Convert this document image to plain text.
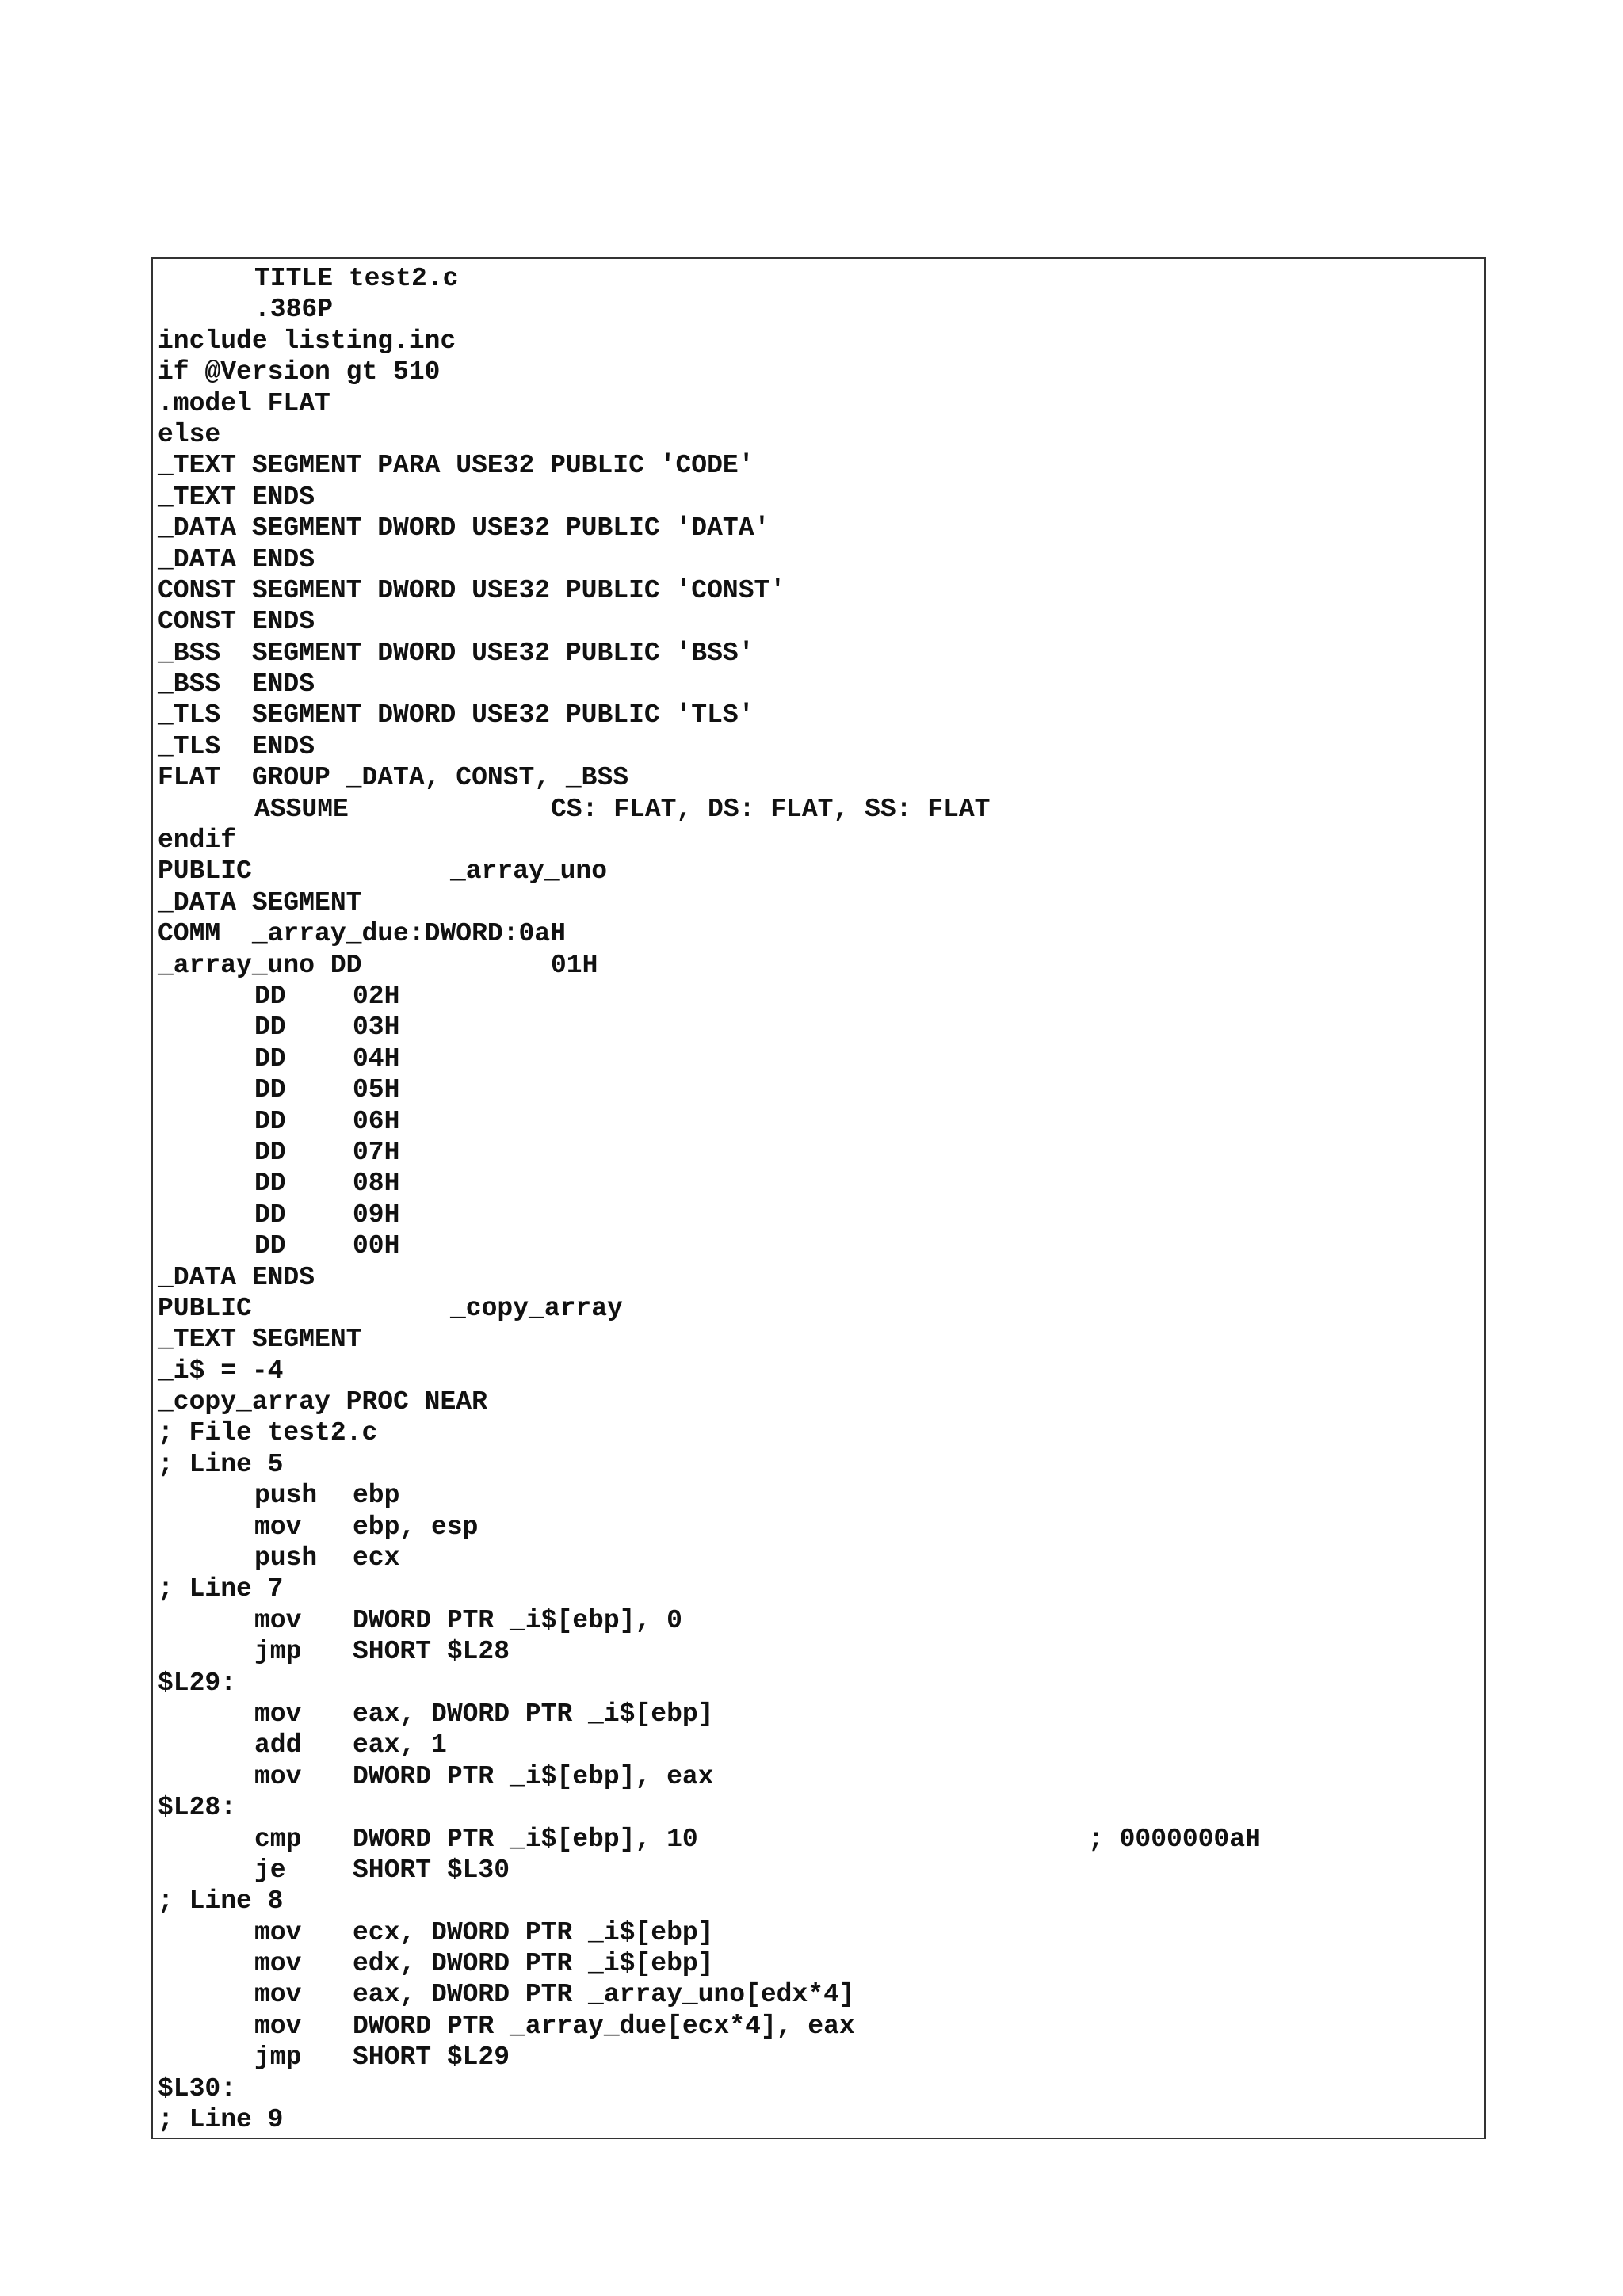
TITLE test2.c
.386P
include listing.inc
if @Version gt 510
.model FLAT
else
_TEXT SEGMENT PARA USE32 PUBLIC 'CODE'
_TEXT ENDS
_DATA SEGMENT DWORD USE32 PUBLIC 'DATA'
_DATA ENDS
CONST SEGMENT DWORD USE32 PUBLIC 'CONST'
CONST ENDS
_BSS  SEGMENT DWORD USE32 PUBLIC 'BSS'
_BSS  ENDS
_TLS  SEGMENT DWORD USE32 PUBLIC 'TLS'
_TLS  ENDS
FLAT  GROUP _DATA, CONST, _BSS
ASSUME	CS: FLAT, DS: FLAT, SS: FLAT
endif
PUBLIC	_array_uno
_DATA SEGMENT
COMM  _array_due:DWORD:0aH
_array_uno DD	01H
DD	02H
DD	03H
DD	04H
DD	05H
DD	06H
DD	07H
DD	08H
DD	09H
DD	00H
_DATA ENDS
PUBLIC	_copy_array
_TEXT SEGMENT
_i$ = -4
_copy_array PROC NEAR
; File test2.c
; Line 5
push ebp
mov ebp, esp
push ecx
; Line 7
mov DWORD PTR _i$[ebp], 0
jmp SHORT $L28
$L29:
mov eax, DWORD PTR _i$[ebp]
add eax, 1
mov DWORD PTR _i$[ebp], eax
$L28:
cmp DWORD PTR _i$[ebp], 10	; 0000000aH
je	SHORT $L30
; Line 8
mov ecx, DWORD PTR _i$[ebp]
mov edx, DWORD PTR _i$[ebp]
mov eax, DWORD PTR _array_uno[edx*4]
mov DWORD PTR _array_due[ecx*4], eax
jmp SHORT $L29
$L30:
; Line 9
